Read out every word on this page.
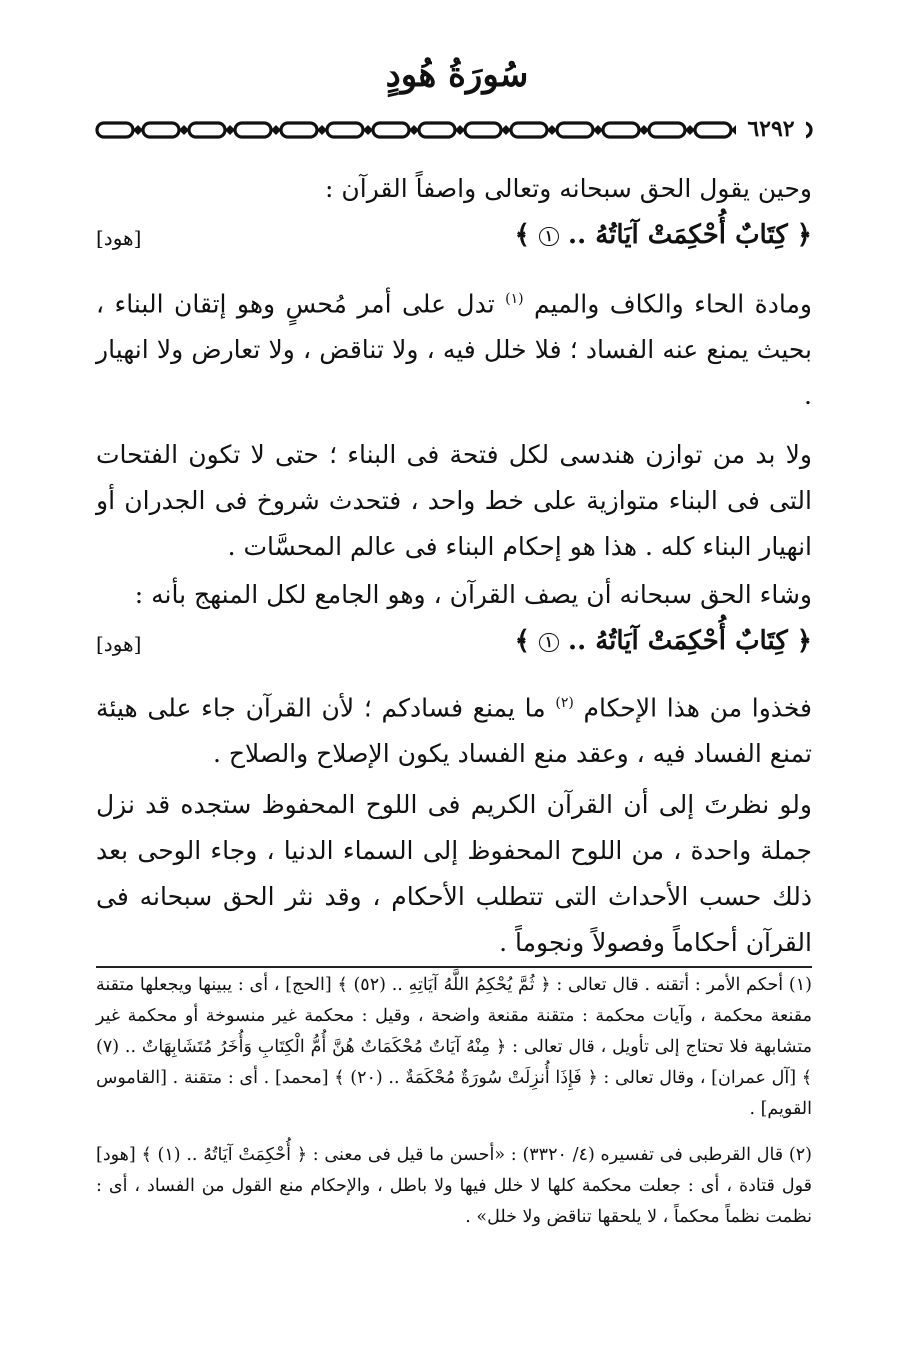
سُورَةُ هُودٍ
٦٢٩٢

وحين يقول الحق سبحانه وتعالى واصفاً القرآن :

﴿ كِتَابٌ أُحْكِمَتْ آيَاتُهُ .. ١ ﴾
[هود]

ومادة الحاء والكاف والميم $^{(١)}$ تدل على أمر مُحسٍ وهو إتقان البناء ، بحيث يمنع عنه الفساد ؛ فلا خلل فيه ، ولا تناقض ، ولا تعارض ولا انهيار .

ولا بد من توازن هندسى لكل فتحة فى البناء ؛ حتى لا تكون الفتحات التى فى البناء متوازية على خط واحد ، فتحدث شروخ فى الجدران أو انهيار البناء كله . هذا هو إحكام البناء فى عالم المحسَّات .

وشاء الحق سبحانه أن يصف القرآن ، وهو الجامع لكل المنهج بأنه :

﴿ كِتَابٌ أُحْكِمَتْ آيَاتُهُ .. ١ ﴾
[هود]

فخذوا من هذا الإحكام $^{(٢)}$ ما يمنع فسادكم ؛ لأن القرآن جاء على هيئة تمنع الفساد فيه ، وعقد منع الفساد يكون الإصلاح والصلاح .

ولو نظرتَ إلى أن القرآن الكريم فى اللوح المحفوظ ستجده قد نزل جملة واحدة ، من اللوح المحفوظ إلى السماء الدنيا ، وجاء الوحى بعد ذلك حسب الأحداث التى تتطلب الأحكام ، وقد نثر الحق سبحانه فى القرآن أحكاماً وفصولاً ونجوماً .

(١) أحكم الأمر : أتقنه . قال تعالى : ﴿ ثُمَّ يُحْكِمُ اللَّهُ آيَاتِهِ .. (٥٢) ﴾ [الحج] ، أى : يبينها ويجعلها متقنة مقنعة محكمة ، وآيات محكمة : متقنة مقنعة واضحة ، وقيل : محكمة غير منسوخة أو محكمة غير متشابهة فلا تحتاج إلى تأويل ، قال تعالى : ﴿ مِنْهُ آيَاتٌ مُحْكَمَاتٌ هُنَّ أُمُّ الْكِتَابِ وَأُخَرُ مُتَشَابِهَاتٌ .. (٧) ﴾ [آل عمران] ، وقال تعالى : ﴿ فَإِذَا أُنزِلَتْ سُورَةٌ مُحْكَمَةٌ .. (٢٠) ﴾ [محمد] . أى : متقنة . [القاموس القويم] .

(٢) قال القرطبى فى تفسيره (٤/ ٣٣٢٠) : «أحسن ما قيل فى معنى : ﴿ أُحْكِمَتْ آيَاتُهُ .. (١) ﴾ [هود] قول قتادة ، أى : جعلت محكمة كلها لا خلل فيها ولا باطل ، والإحكام منع القول من الفساد ، أى : نظمت نظماً محكماً ، لا يلحقها تناقض ولا خلل» .
